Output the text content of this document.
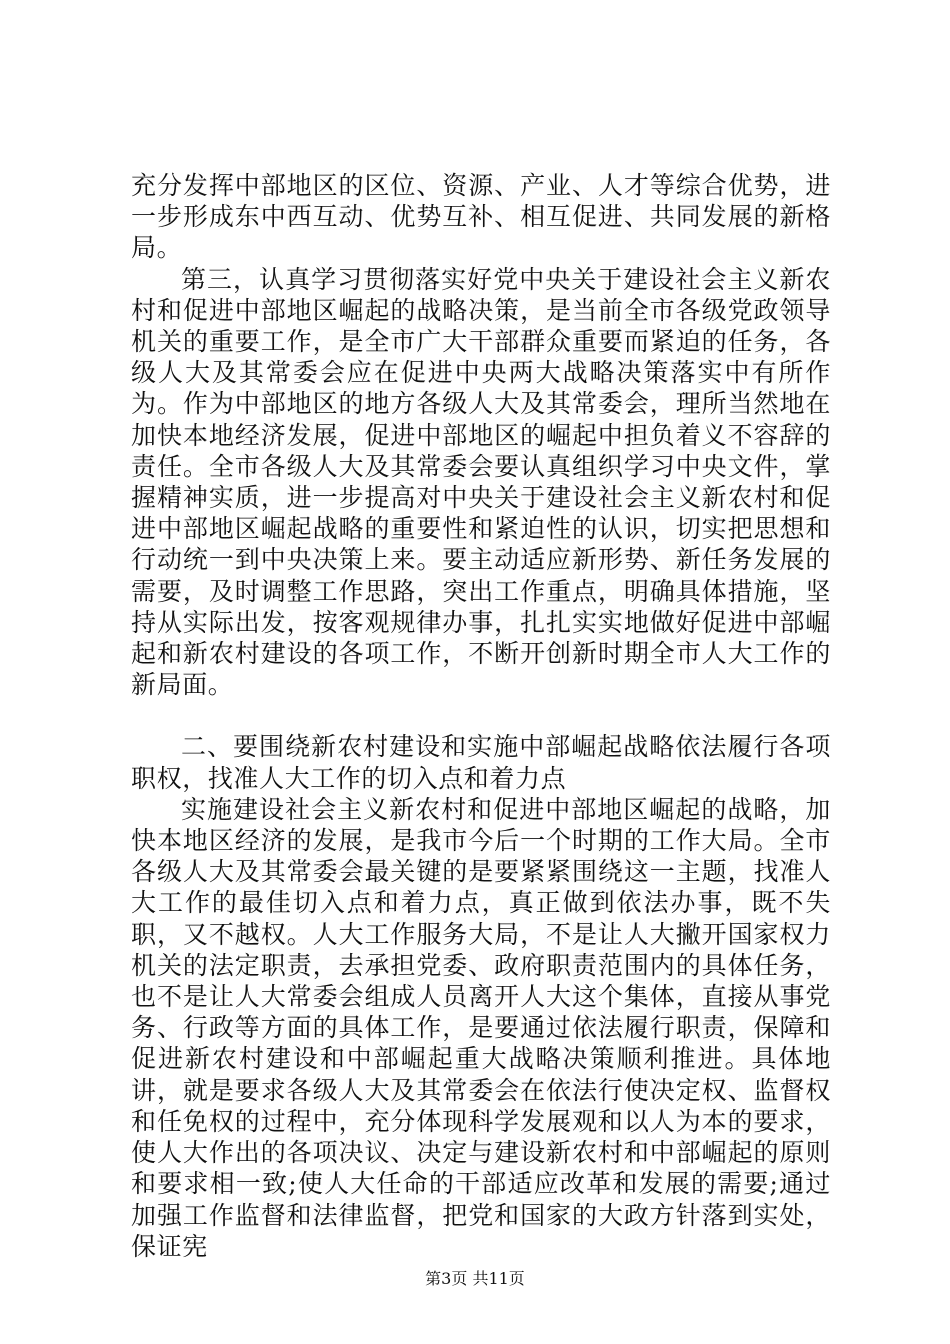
充分发挥中部地区的区位、资源、产业、人才等综合优势，进一步形成东中西互动、优势互补、相互促进、共同发展的新格局。

第三，认真学习贯彻落实好党中央关于建设社会主义新农村和促进中部地区崛起的战略决策，是当前全市各级党政领导机关的重要工作，是全市广大干部群众重要而紧迫的任务，各级人大及其常委会应在促进中央两大战略决策落实中有所作为。作为中部地区的地方各级人大及其常委会，理所当然地在加快本地经济发展，促进中部地区的崛起中担负着义不容辞的责任。全市各级人大及其常委会要认真组织学习中央文件，掌握精神实质，进一步提高对中央关于建设社会主义新农村和促进中部地区崛起战略的重要性和紧迫性的认识，切实把思想和行动统一到中央决策上来。要主动适应新形势、新任务发展的需要，及时调整工作思路，突出工作重点，明确具体措施，坚持从实际出发，按客观规律办事，扎扎实实地做好促进中部崛起和新农村建设的各项工作，不断开创新时期全市人大工作的新局面。

二、要围绕新农村建设和实施中部崛起战略依法履行各项职权，找准人大工作的切入点和着力点

实施建设社会主义新农村和促进中部地区崛起的战略，加快本地区经济的发展，是我市今后一个时期的工作大局。全市各级人大及其常委会最关键的是要紧紧围绕这一主题，找准人大工作的最佳切入点和着力点，真正做到依法办事，既不失职，又不越权。人大工作服务大局，不是让人大撇开国家权力机关的法定职责，去承担党委、政府职责范围内的具体任务，也不是让人大常委会组成人员离开人大这个集体，直接从事党务、行政等方面的具体工作，是要通过依法履行职责，保障和促进新农村建设和中部崛起重大战略决策顺利推进。具体地讲，就是要求各级人大及其常委会在依法行使决定权、监督权和任免权的过程中，充分体现科学发展观和以人为本的要求，使人大作出的各项决议、决定与建设新农村和中部崛起的原则和要求相一致;使人大任命的干部适应改革和发展的需要;通过加强工作监督和法律监督，把党和国家的大政方针落到实处，保证宪

第3页 共11页
